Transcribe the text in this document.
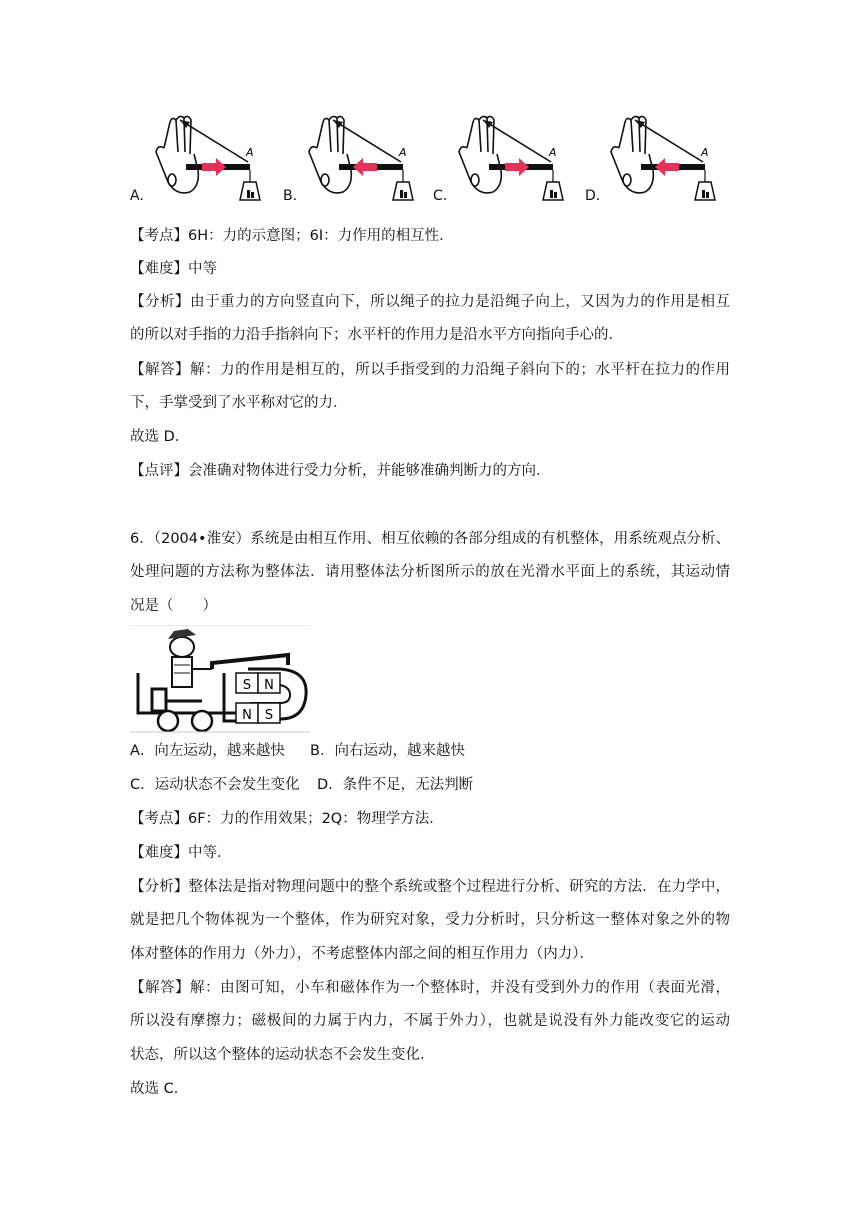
A.
A
B.
A
C.
A
D.
A
【考点】6H：力的示意图；6I：力作用的相互性．
【难度】中等
【分析】由于重力的方向竖直向下，所以绳子的拉力是沿绳子向上，又因为力的作用是相互
的所以对手指的力沿手指斜向下；水平杆的作用力是沿水平方向指向手心的．
【解答】解：力的作用是相互的，所以手指受到的力沿绳子斜向下的；水平杆在拉力的作用
下，手掌受到了水平称对它的力．
故选 D．
【点评】会准确对物体进行受力分析，并能够准确判断力的方向．
6．（2004•淮安）系统是由相互作用、相互依赖的各部分组成的有机整体，用系统观点分析、
处理问题的方法称为整体法．请用整体法分析图所示的放在光滑水平面上的系统，其运动情
况是（　　）
S N
N S
A．向左运动，越来越快 B．向右运动，越来越快
C．运动状态不会发生变化 D．条件不足，无法判断
【考点】6F：力的作用效果；2Q：物理学方法．
【难度】中等．
【分析】整体法是指对物理问题中的整个系统或整个过程进行分析、研究的方法．在力学中，
就是把几个物体视为一个整体，作为研究对象，受力分析时，只分析这一整体对象之外的物
体对整体的作用力（外力），不考虑整体内部之间的相互作用力（内力）．
【解答】解：由图可知，小车和磁体作为一个整体时，并没有受到外力的作用（表面光滑，
所以没有摩擦力；磁极间的力属于内力，不属于外力），也就是说没有外力能改变它的运动
状态，所以这个整体的运动状态不会发生变化．
故选 C．
